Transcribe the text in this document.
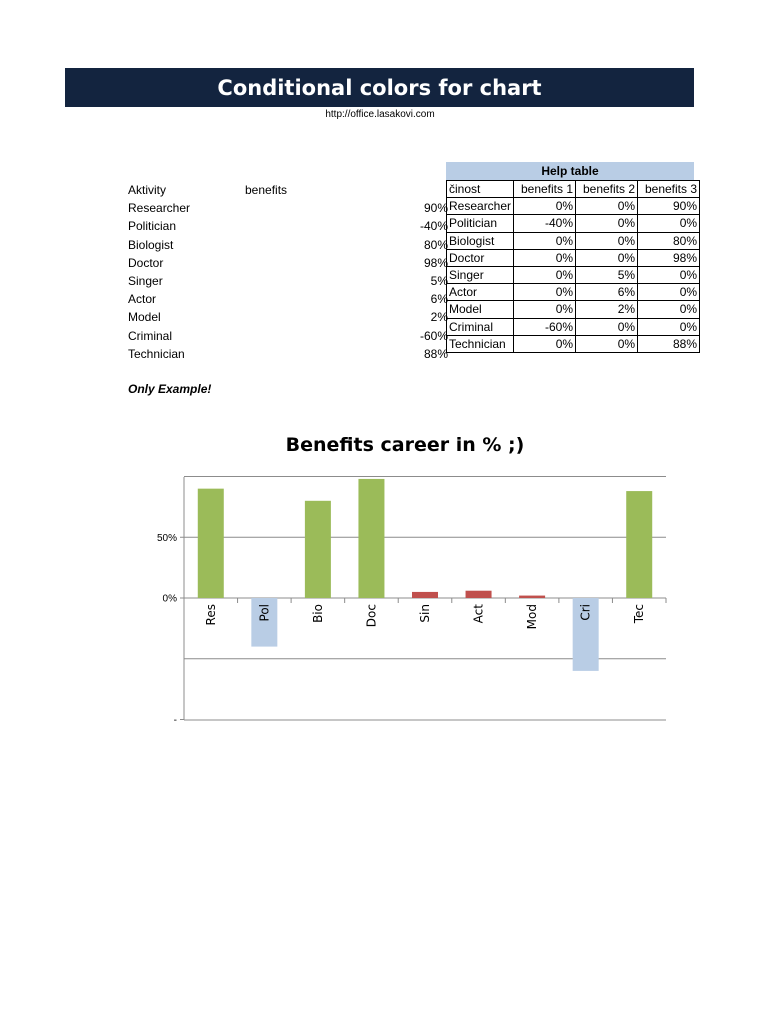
Conditional colors for chart
http://office.lasakovi.com
Aktivity	benefits
Researcher	90%
Politician	-40%
Biologist	80%
Doctor	98%
Singer	5%
Actor	6%
Model	2%
Criminal	-60%
Technician	88%
Only Example!
Help table
činost	benefits 1	benefits 2	benefits 3
Researcher	0%	0%	90%
Politician	-40%	0%	0%
Biologist	0%	0%	80%
Doctor	0%	0%	98%
Singer	0%	5%	0%
Actor	0%	6%	0%
Model	0%	2%	0%
Criminal	-60%	0%	0%
Technician	0%	0%	88%
Benefits career in % ;)
50%
0%
-
Res	Pol	Bio	Doc	Sin	Act	Mod	Cri	Tec
